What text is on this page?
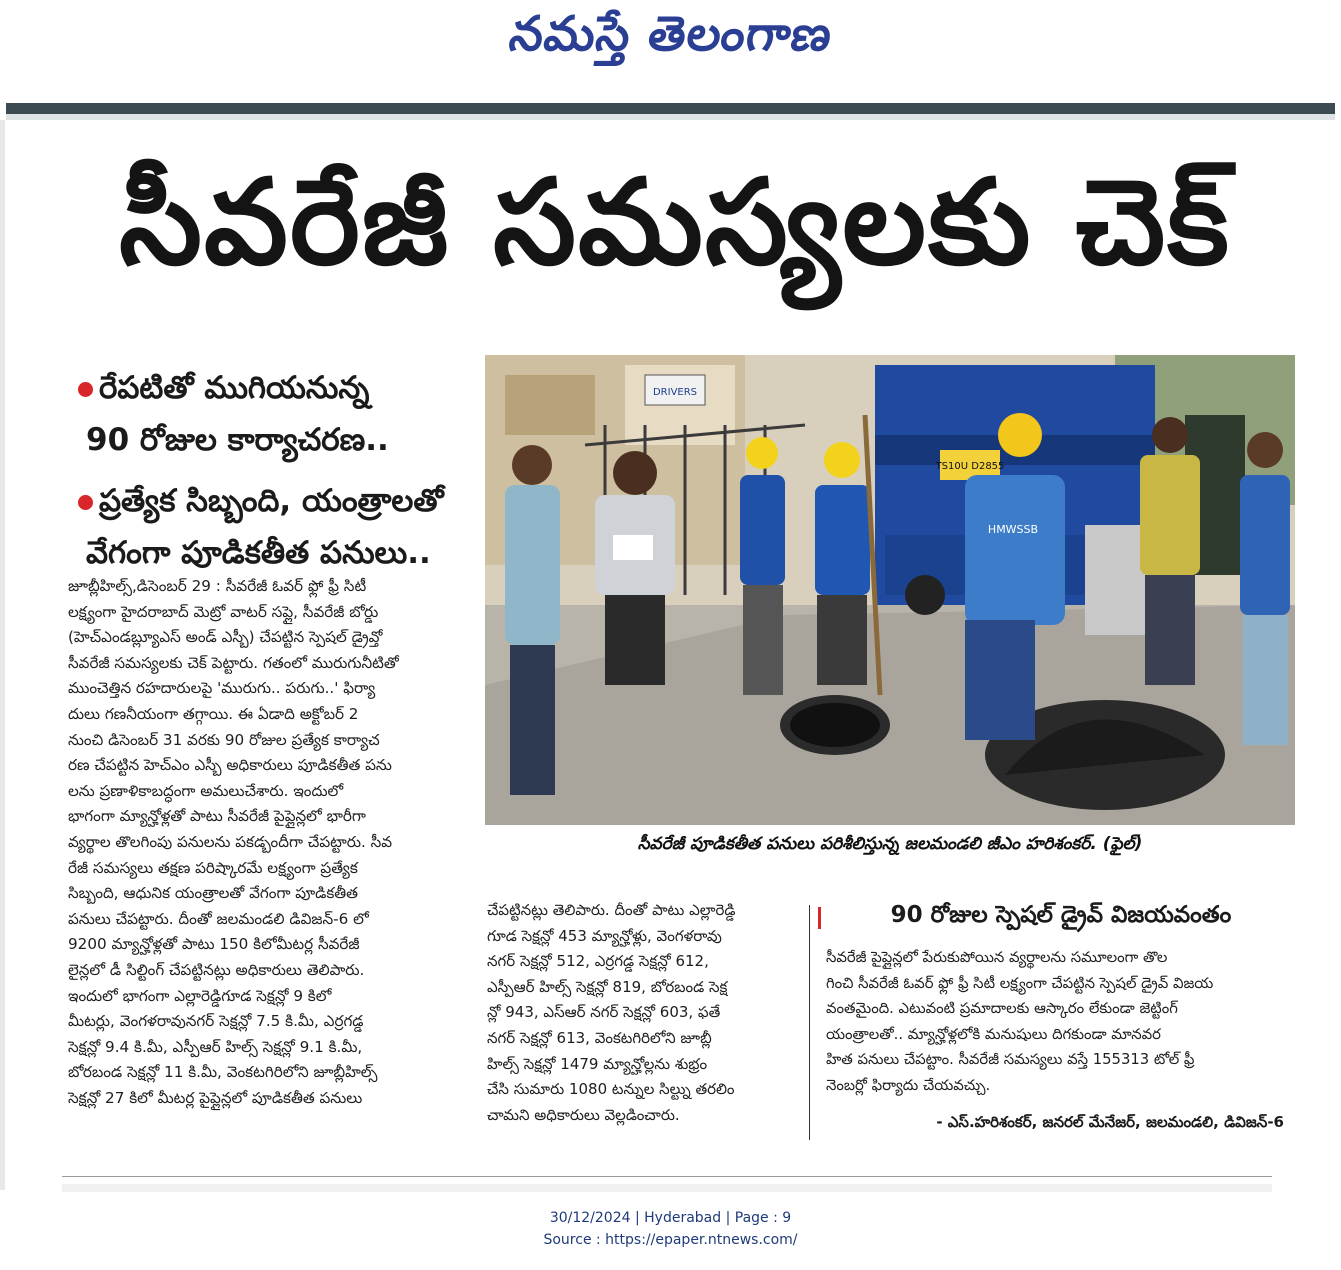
నమస్తే తెలంగాణ
సీవరేజీ సమస్యలకు చెక్
రేపటితో ముగియనున్న
90 రోజుల కార్యాచరణ..
ప్రత్యేక సిబ్బంది, యంత్రాలతో
వేగంగా పూడికతీత పనులు..

జూబ్లీహిల్స్,డిసెంబర్ 29 : సీవరేజీ ఓవర్ ఫ్లో ఫ్రీ సిటీ

లక్ష్యంగా హైదరాబాద్ మెట్రో వాటర్ సప్లై, సీవరేజీ బోర్డు

(హెచ్ఎండబ్ల్యూఎస్ అండ్ ఎస్బీ) చేపట్టిన స్పెషల్ డ్రైవ్తో

సీవరేజీ సమస్యలకు చెక్ పెట్టారు. గతంలో మురుగునీటితో

ముంచెత్తిన రహదారులపై 'మురుగు.. పరుగు..' ఫిర్యా

దులు గణనీయంగా తగ్గాయి. ఈ ఏడాది అక్టోబర్ 2

నుంచి డిసెంబర్ 31 వరకు 90 రోజుల ప్రత్యేక కార్యాచ

రణ చేపట్టిన హెచ్ఎం ఎస్బీ అధికారులు పూడికతీత పను

లను ప్రణాళికాబద్ధంగా అమలుచేశారు. ఇందులో

భాగంగా మ్యాన్హోళ్లతో పాటు సీవరేజీ పైప్లైన్లలో భారీగా

వ్యర్థాల తొలగింపు పనులను పకడ్బందీగా చేపట్టారు. సీవ

రేజీ సమస్యలు తక్షణ పరిష్కారమే లక్ష్యంగా ప్రత్యేక

సిబ్బంది, ఆధునిక యంత్రాలతో వేగంగా పూడికతీత

పనులు చేపట్టారు. దీంతో జలమండలి డివిజన్-6 లో

9200 మ్యాన్హోళ్లతో పాటు 150 కిలోమీటర్ల సీవరేజీ

లైన్లలో డీ సిల్టింగ్ చేపట్టినట్లు అధికారులు తెలిపారు.

ఇందులో భాగంగా ఎల్లారెడ్డిగూడ సెక్షన్లో 9 కిలో

మీటర్లు, వెంగళరావునగర్ సెక్షన్లో 7.5 కి.మీ, ఎర్రగడ్డ

సెక్షన్లో 9.4 కి.మీ, ఎస్పీఆర్ హిల్స్ సెక్షన్లో 9.1 కి.మీ,

బోరబండ సెక్షన్లో 11 కి.మీ, వెంకటగిరిలోని జూబ్లీహిల్స్

సెక్షన్లో 27 కిలో మీటర్ల పైప్లైన్లలో పూడికతీత పనులు

DRIVERS
TS10U D2855
HMWSSB
సీవరేజీ పూడికతీత పనులు పరిశీలిస్తున్న జలమండలి జీఎం హరిశంకర్. (ఫైల్)

చేపట్టినట్లు తెలిపారు. దీంతో పాటు ఎల్లారెడ్డి

గూడ సెక్షన్లో 453 మ్యాన్హోళ్లు, వెంగళరావు

నగర్ సెక్షన్లో 512, ఎర్రగడ్డ సెక్షన్లో 612,

ఎస్పీఆర్ హిల్స్ సెక్షన్లో 819, బోరబండ సెక్ష

న్లో 943, ఎస్ఆర్ నగర్ సెక్షన్లో 603, ఫతే

నగర్ సెక్షన్లో 613, వెంకటగిరిలోని జూబ్లీ

హిల్స్ సెక్షన్లో 1479 మ్యాన్హోల్లను శుభ్రం

చేసి సుమారు 1080 టన్నుల సిల్ట్ను తరలిం

చామని అధికారులు వెల్లడించారు.

90 రోజుల స్పెషల్ డ్రైవ్ విజయవంతం

సీవరేజీ పైప్లైన్లలో పేరుకుపోయిన వ్యర్థాలను సమూలంగా తొల

గించి సీవరేజీ ఓవర్ ఫ్లో ఫ్రీ సిటీ లక్ష్యంగా చేపట్టిన స్పెషల్ డ్రైవ్ విజయ

వంతమైంది. ఎటువంటి ప్రమాదాలకు ఆస్కారం లేకుండా జెట్టింగ్

యంత్రాలతో.. మ్యాన్హోళ్లలోకి మనుషులు దిగకుండా మానవర

హిత పనులు చేపట్టాం. సీవరేజీ సమస్యలు వస్తే 155313 టోల్ ఫ్రీ

నెంబర్లో ఫిర్యాదు చేయవచ్చు.

- ఎస్.హరిశంకర్, జనరల్ మేనేజర్, జలమండలి, డివిజన్-6
30/12/2024 | Hyderabad | Page : 9
Source : https://epaper.ntnews.com/
